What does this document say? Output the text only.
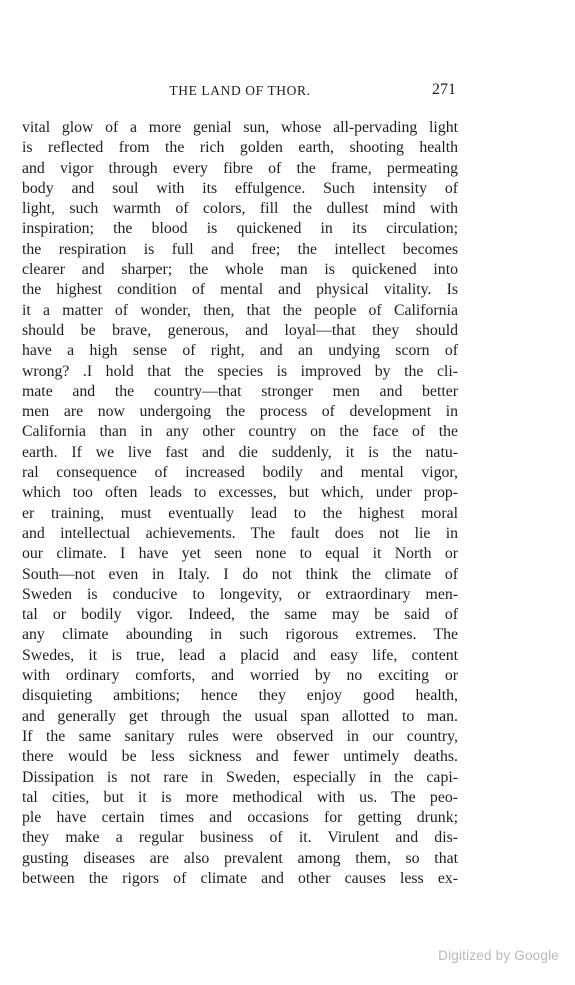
THE LAND OF THOR.	271
vital glow of a more genial sun, whose all-pervading light
is reflected from the rich golden earth, shooting health
and vigor through every fibre of the frame, permeating
body and soul with its effulgence. Such intensity of
light, such warmth of colors, fill the dullest mind with
inspiration; the blood is quickened in its circulation;
the respiration is full and free; the intellect becomes
clearer and sharper; the whole man is quickened into
the highest condition of mental and physical vitality. Is
it a matter of wonder, then, that the people of California
should be brave, generous, and loyal—that they should
have a high sense of right, and an undying scorn of
wrong? .I hold that the species is improved by the cli-
mate and the country—that stronger men and better
men are now undergoing the process of development in
California than in any other country on the face of the
earth. If we live fast and die suddenly, it is the natu-
ral consequence of increased bodily and mental vigor,
which too often leads to excesses, but which, under prop-
er training, must eventually lead to the highest moral
and intellectual achievements. The fault does not lie in
our climate. I have yet seen none to equal it North or
South—not even in Italy. I do not think the climate of
Sweden is conducive to longevity, or extraordinary men-
tal or bodily vigor. Indeed, the same may be said of
any climate abounding in such rigorous extremes. The
Swedes, it is true, lead a placid and easy life, content
with ordinary comforts, and worried by no exciting or
disquieting ambitions; hence they enjoy good health,
and generally get through the usual span allotted to man.
If the same sanitary rules were observed in our country,
there would be less sickness and fewer untimely deaths.
Dissipation is not rare in Sweden, especially in the capi-
tal cities, but it is more methodical with us. The peo-
ple have certain times and occasions for getting drunk;
they make a regular business of it. Virulent and dis-
gusting diseases are also prevalent among them, so that
between the rigors of climate and other causes less ex-
Digitized by Google
